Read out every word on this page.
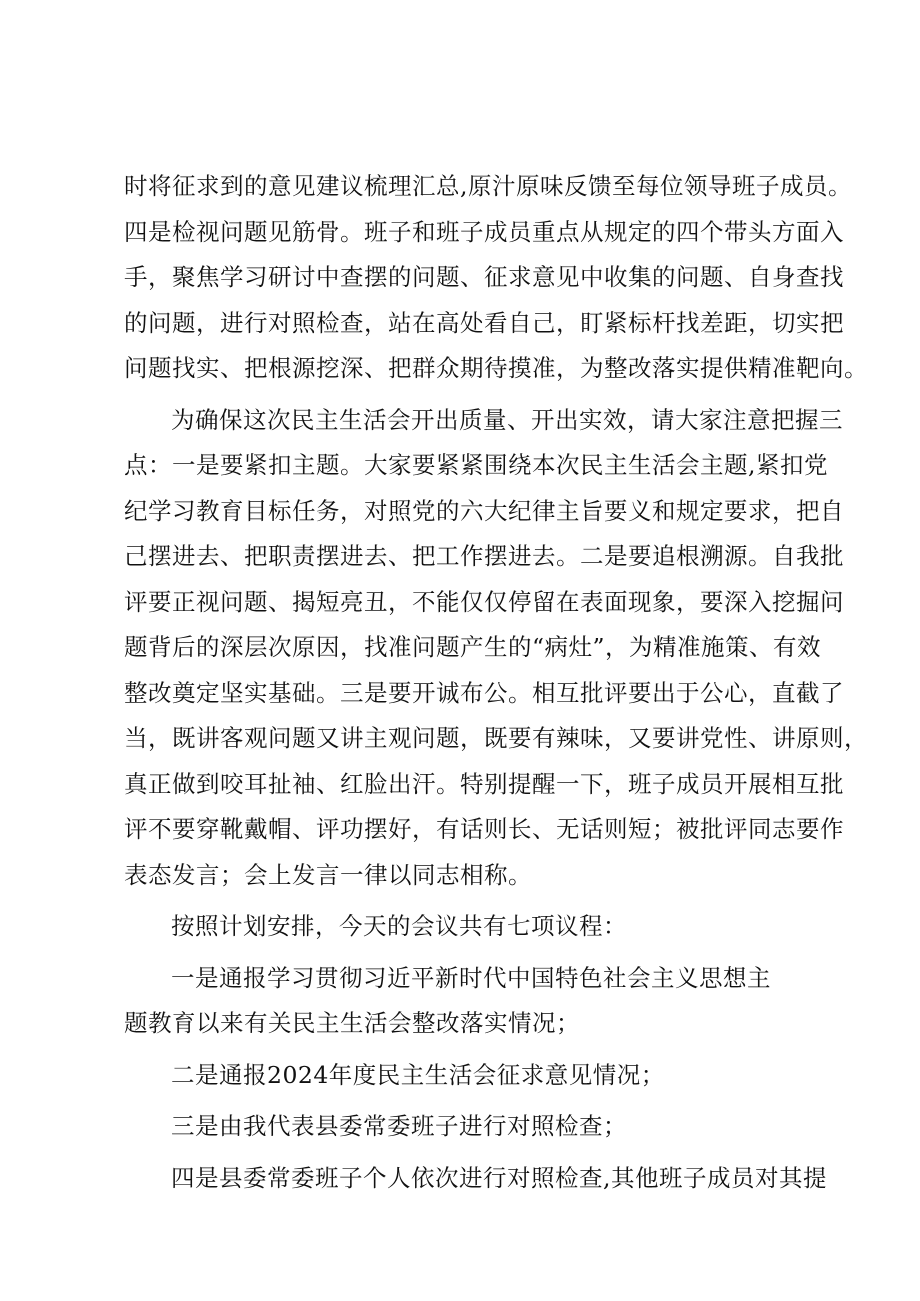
时将征求到的意见建议梳理汇总,原汁原味反馈至每位领导班子成员。
四是检视问题见筋骨。班子和班子成员重点从规定的四个带头方面入
手，聚焦学习研讨中查摆的问题、征求意见中收集的问题、自身查找
的问题，进行对照检查，站在高处看自己，盯紧标杆找差距，切实把
问题找实、把根源挖深、把群众期待摸准，为整改落实提供精准靶向。
为确保这次民主生活会开出质量、开出实效，请大家注意把握三
点：一是要紧扣主题。大家要紧紧围绕本次民主生活会主题,紧扣党
纪学习教育目标任务，对照党的六大纪律主旨要义和规定要求，把自
己摆进去、把职责摆进去、把工作摆进去。二是要追根溯源。自我批
评要正视问题、揭短亮丑，不能仅仅停留在表面现象，要深入挖掘问
题背后的深层次原因，找准问题产生的“病灶”，为精准施策、有效
整改奠定坚实基础。三是要开诚布公。相互批评要出于公心，直截了
当，既讲客观问题又讲主观问题，既要有辣味，又要讲党性、讲原则，
真正做到咬耳扯袖、红脸出汗。特别提醒一下，班子成员开展相互批
评不要穿靴戴帽、评功摆好，有话则长、无话则短；被批评同志要作
表态发言；会上发言一律以同志相称。
按照计划安排，今天的会议共有七项议程：
一是通报学习贯彻习近平新时代中国特色社会主义思想主
题教育以来有关民主生活会整改落实情况；
二是通报2024年度民主生活会征求意见情况；
三是由我代表县委常委班子进行对照检查；
四是县委常委班子个人依次进行对照检查,其他班子成员对其提
